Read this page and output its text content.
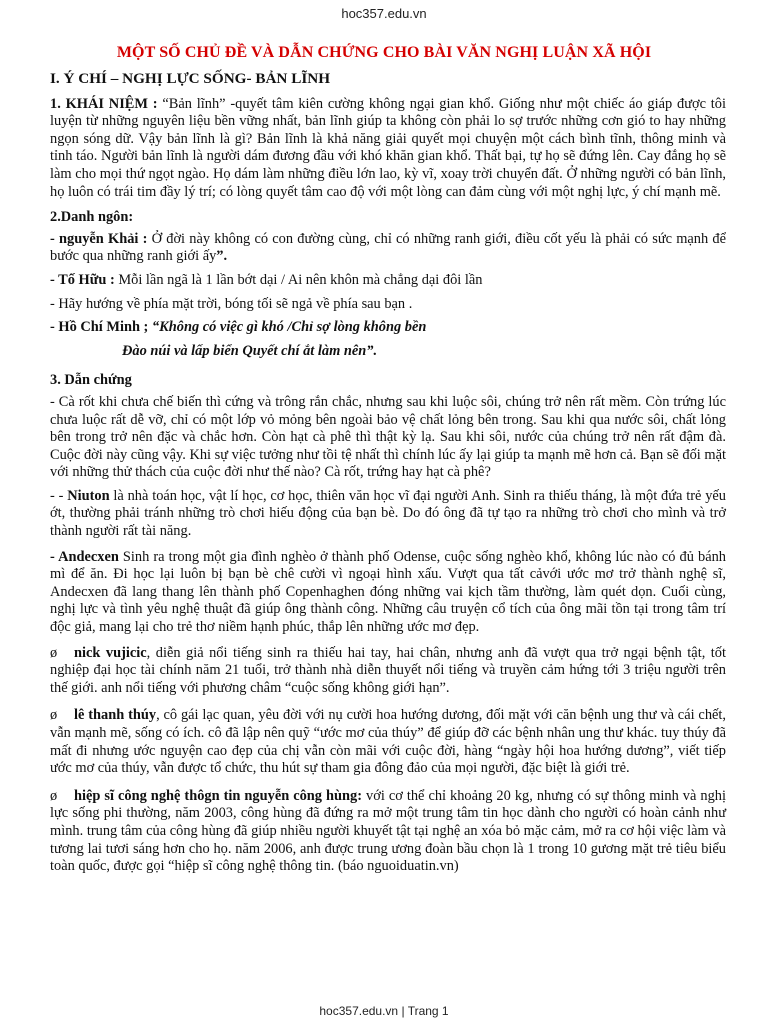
hoc357.edu.vn
MỘT SỐ CHỦ ĐỀ VÀ DẪN CHỨNG CHO BÀI VĂN NGHỊ LUẬN XÃ HỘI
I. Ý CHÍ – NGHỊ LỰC SỐNG- BẢN LĨNH

1. KHÁI NIỆM : “Bản lĩnh” -quyết tâm kiên cường không ngại gian khổ. Giống như một chiếc áo giáp được tôi luyện từ những nguyên liệu bền vững nhất, bản lĩnh giúp ta không còn phải lo sợ trước những cơn gió to hay những ngọn sóng dữ. Vậy bản lĩnh là gì? Bản lĩnh là khả năng giải quyết mọi chuyện một cách bình tĩnh, thông minh và tỉnh táo. Người bản lĩnh là người dám đương đầu với khó khăn gian khổ. Thất bại, tự họ sẽ đứng lên. Cay đắng họ sẽ làm cho mọi thứ ngọt ngào. Họ dám làm những điều lớn lao, kỳ vĩ, xoay trời chuyển đất. Ở những người có bản lĩnh, họ luôn có trái tim đầy lý trí; có lòng quyết tâm cao độ với một lòng can đảm cùng với một nghị lực, ý chí mạnh mẽ.

2.Danh ngôn:

- nguyễn Khải : Ở đời này không có con đường cùng, chỉ có những ranh giới, điều cốt yếu là phải có sức mạnh để bước qua những ranh giới ấy”.

- Tố Hữu : Mỗi lần ngã là 1 lần bớt dại / Ai nên khôn mà chẳng dại đôi lần

- Hãy hướng về phía mặt trời, bóng tối sẽ ngả về phía sau bạn .

- Hồ Chí Minh ; “Không có việc gì khó /Chỉ sợ lòng không bền

Đào núi và lấp biển Quyết chí ắt làm nên”.

3. Dẫn chứng

- Cà rốt khi chưa chế biến thì cứng và trông rắn chắc, nhưng sau khi luộc sôi, chúng trở nên rất mềm. Còn trứng lúc chưa luộc rất dễ vỡ, chỉ có một lớp vỏ mỏng bên ngoài bảo vệ chất lỏng bên trong. Sau khi qua nước sôi, chất lỏng bên trong trở nên đặc và chắc hơn. Còn hạt cà phê thì thật kỳ lạ. Sau khi sôi, nước của chúng trở nên rất đậm đà. Cuộc đời này cũng vậy. Khi sự việc tưởng như tồi tệ nhất thì chính lúc ấy lại giúp ta mạnh mẽ hơn cả. Bạn sẽ đối mặt với những thử thách của cuộc đời như thế nào? Cà rốt, trứng hay hạt cà phê?

- - Niuton là nhà toán học, vật lí học, cơ học, thiên văn học vĩ đại người Anh. Sinh ra thiếu tháng, là một đứa trẻ yếu ớt, thường phải tránh những trò chơi hiếu động của bạn bè. Do đó ông đã tự tạo ra những trò chơi cho mình và trở thành người rất tài năng.

- Andecxen Sinh ra trong một gia đình nghèo ở thành phố Odense, cuộc sống nghèo khổ, không lúc nào có đủ bánh mì để ăn. Đi học lại luôn bị bạn bè chê cười vì ngoại hình xấu. Vượt qua tất cảvới ước mơ trở thành nghệ sĩ, Andecxen đã lang thang lên thành phố Copenhaghen đóng những vai kịch tầm thường, làm quét dọn. Cuối cùng, nghị lực và tình yêu nghệ thuật đã giúp ông thành công. Những câu truyện cổ tích của ông mãi tồn tại trong tâm trí độc giả, mang lại cho trẻ thơ niềm hạnh phúc, thắp lên những ước mơ đẹp.

ø nick vujicic, diễn giả nổi tiếng sinh ra thiếu hai tay, hai chân, nhưng anh đã vượt qua trở ngại bệnh tật, tốt nghiệp đại học tài chính năm 21 tuổi, trở thành nhà diễn thuyết nổi tiếng và truyền cảm hứng tới 3 triệu người trên thế giới. anh nổi tiếng với phương châm “cuộc sống không giới hạn”.

ø lê thanh thúy, cô gái lạc quan, yêu đời với nụ cười hoa hướng dương, đối mặt với căn bệnh ung thư và cái chết, vẫn mạnh mẽ, sống có ích. cô đã lập nên quỹ “ước mơ của thúy” để giúp đỡ các bệnh nhân ung thư khác. tuy thúy đã mất đi nhưng ước nguyện cao đẹp của chị vẫn còn mãi với cuộc đời, hàng “ngày hội hoa hướng dương”, viết tiếp ước mơ của thúy, vẫn được tổ chức, thu hút sự tham gia đông đảo của mọi người, đặc biệt là giới trẻ.

ø hiệp sĩ công nghệ thôgn tin nguyễn công hùng: với cơ thể chỉ khoảng 20 kg, nhưng có sự thông minh và nghị lực sống phi thường, năm 2003, công hùng đã đứng ra mở một trung tâm tin học dành cho người có hoàn cảnh như mình. trung tâm của công hùng đã giúp nhiều người khuyết tật tại nghệ an xóa bỏ mặc cảm, mở ra cơ hội việc làm và tương lai tươi sáng hơn cho họ. năm 2006, anh được trung ương đoàn bầu chọn là 1 trong 10 gương mặt trẻ tiêu biểu toàn quốc, được gọi “hiệp sĩ công nghệ thông tin. (báo nguoiduatin.vn)

hoc357.edu.vn | Trang 1
